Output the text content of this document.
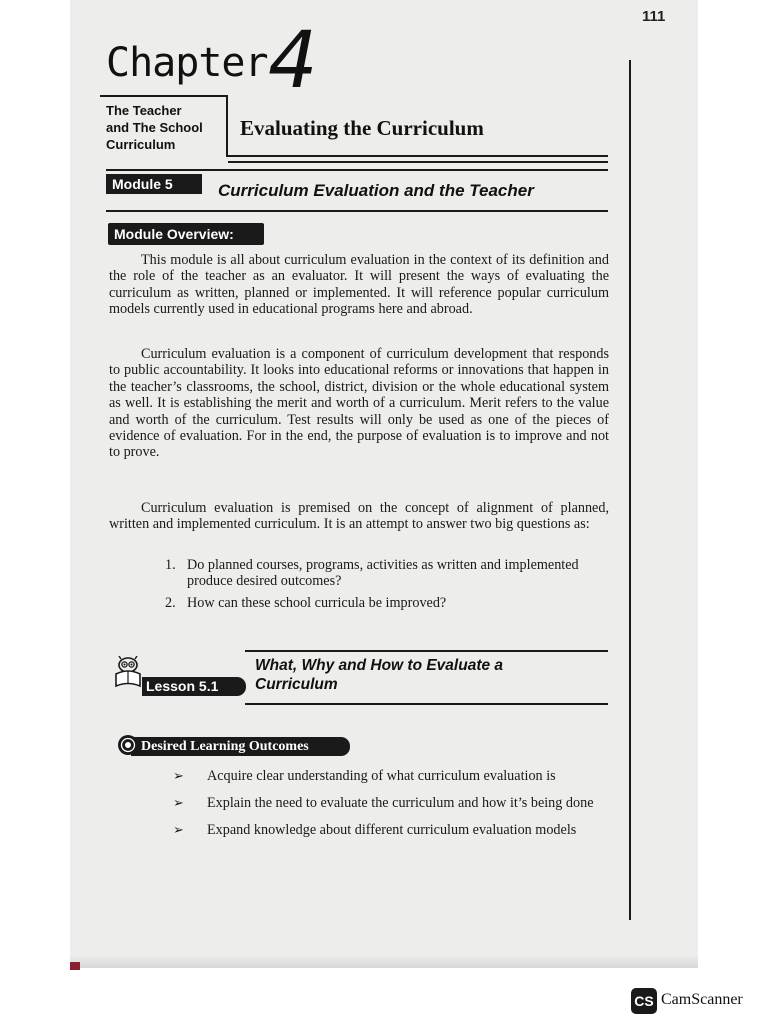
111
Chapter 4
The Teacher
and The School
Curriculum
Evaluating the Curriculum
Module 5	Curriculum Evaluation and the Teacher
Module Overview:

This module is all about curriculum evaluation in the context of its definition and the role of the teacher as an evaluator. It will present the ways of evaluating the curriculum as written, planned or implemented. It will reference popular curriculum models currently used in educational programs here and abroad.

Curriculum evaluation is a component of curriculum development that responds to public accountability. It looks into educational reforms or innovations that happen in the teacher’s classrooms, the school, district, division or the whole educational system as well. It is establishing the merit and worth of a curriculum. Merit refers to the value and worth of the curriculum. Test results will only be used as one of the pieces of evidence of evaluation. For in the end, the purpose of evaluation is to improve and not to prove.

Curriculum evaluation is premised on the concept of alignment of planned, written and implemented curriculum. It is an attempt to answer two big questions as:

1. Do planned courses, programs, activities as written and implemented produce desired outcomes?
2. How can these school curricula be improved?
Lesson 5.1
What, Why and How to Evaluate a
Curriculum
Desired Learning Outcomes
➢ Acquire clear understanding of what curriculum evaluation is
➢ Explain the need to evaluate the curriculum and how it’s being done
➢ Expand knowledge about different curriculum evaluation models
CS CamScanner
